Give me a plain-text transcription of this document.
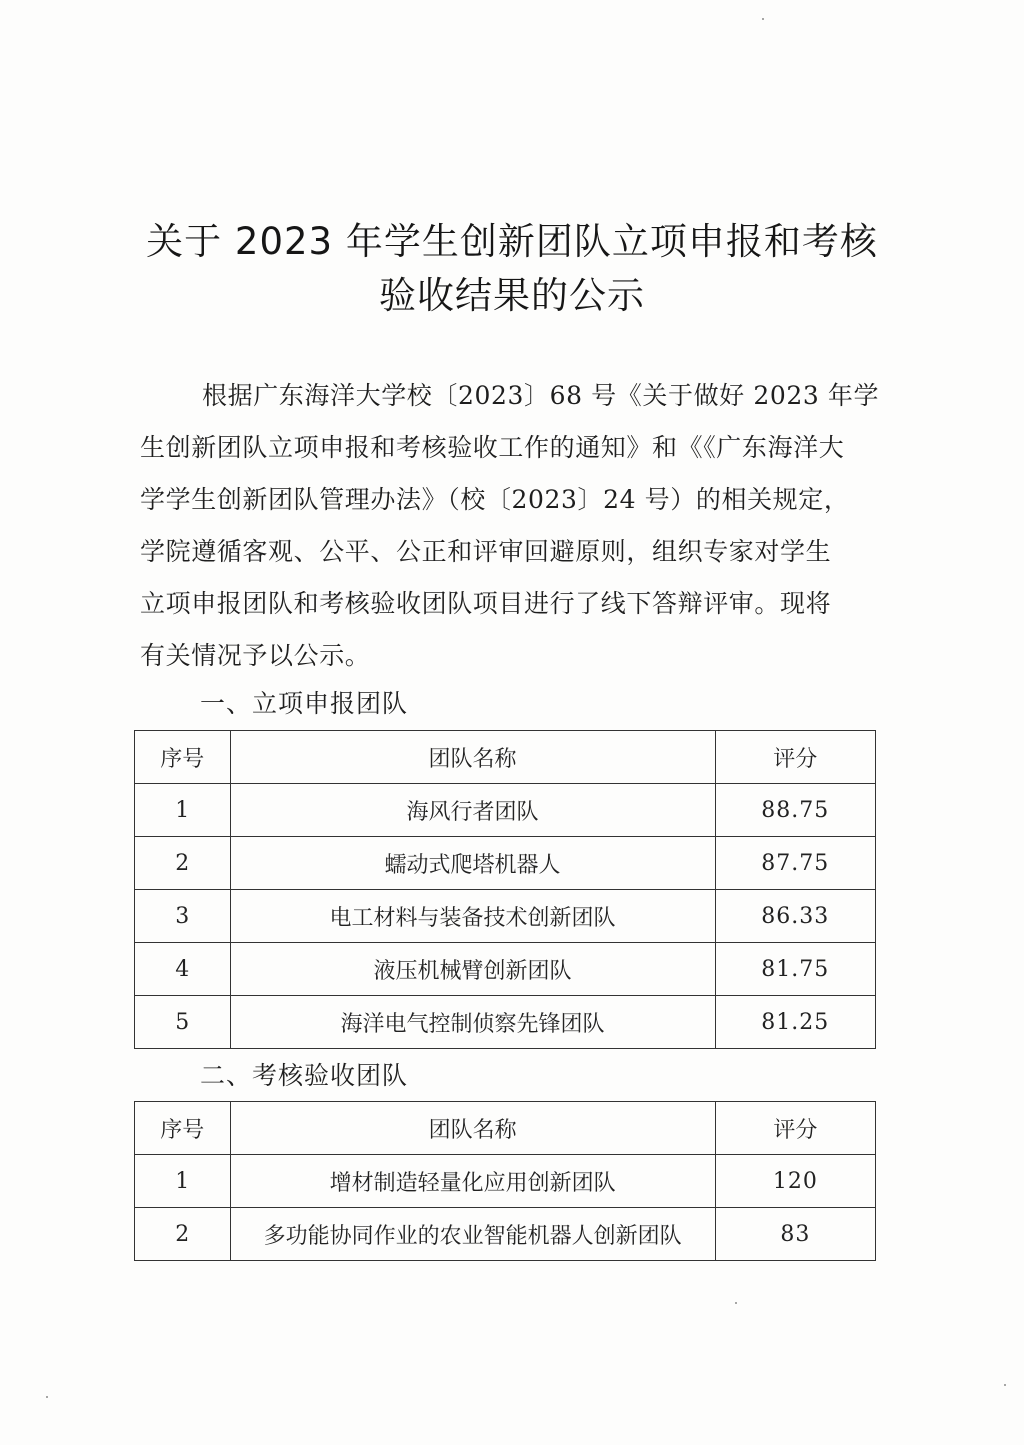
关于 2023 年学生创新团队立项申报和考核
验收结果的公示
根据广东海洋大学校〔2023〕68 号《关于做好 2023 年学
生创新团队立项申报和考核验收工作的通知》和《《广东海洋大
学学生创新团队管理办法》（校〔2023〕24 号）的相关规定，
学院遵循客观、公平、公正和评审回避原则，组织专家对学生
立项申报团队和考核验收团队项目进行了线下答辩评审。现将
有关情况予以公示。
一、立项申报团队
序号	团队名称	评分
1	海风行者团队	88.75
2	蠕动式爬塔机器人	87.75
3	电工材料与装备技术创新团队	86.33
4	液压机械臂创新团队	81.75
5	海洋电气控制侦察先锋团队	81.25
二、考核验收团队
序号	团队名称	评分
1	增材制造轻量化应用创新团队	120
2	多功能协同作业的农业智能机器人创新团队	83
